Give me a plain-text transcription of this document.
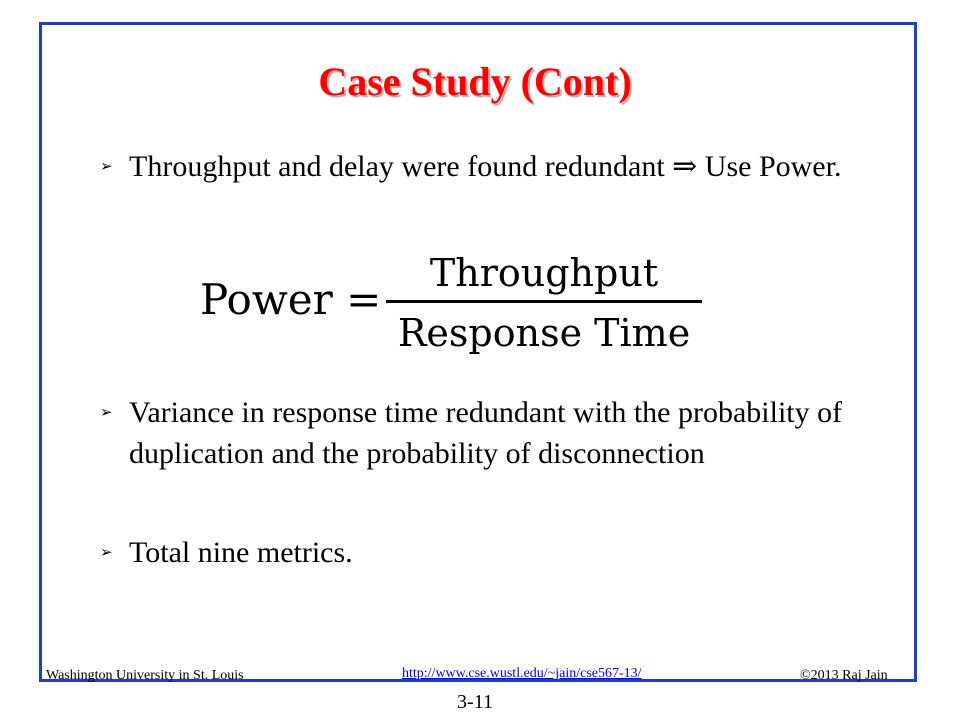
Case Study (Cont)
➢ Throughput and delay were found redundant ⇒ Use Power.
Power =
Throughput
Response Time
➢ Variance in response time redundant with the probability of duplication and the probability of disconnection
➢ Total nine metrics.
Washington University in St. Louis	http://www.cse.wustl.edu/~jain/cse567-13/	©2013 Raj Jain
3-11
